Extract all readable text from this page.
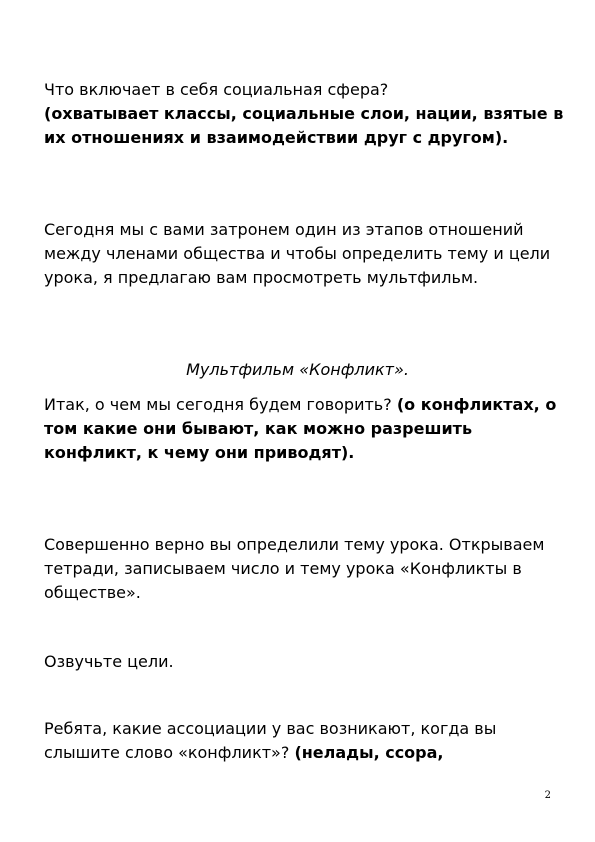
Что включает в себя социальная сфера?
(охватывает классы, социальные слои, нации, взятые в их отношениях и взаимодействии друг с другом).

Сегодня мы с вами затронем один из этапов отношений между членами общества и чтобы определить тему и цели урока, я предлагаю вам просмотреть мультфильм.

Мультфильм «Конфликт».

Итак, о чем мы сегодня будем говорить? (о конфликтах, о том какие они бывают, как можно разрешить конфликт, к чему они приводят).

Совершенно верно вы определили тему урока. Открываем тетради, записываем число и тему урока «Конфликты в обществе».

Озвучьте цели.

Ребята, какие ассоциации у вас возникают, когда вы слышите слово «конфликт»? (нелады, ссора,

2
